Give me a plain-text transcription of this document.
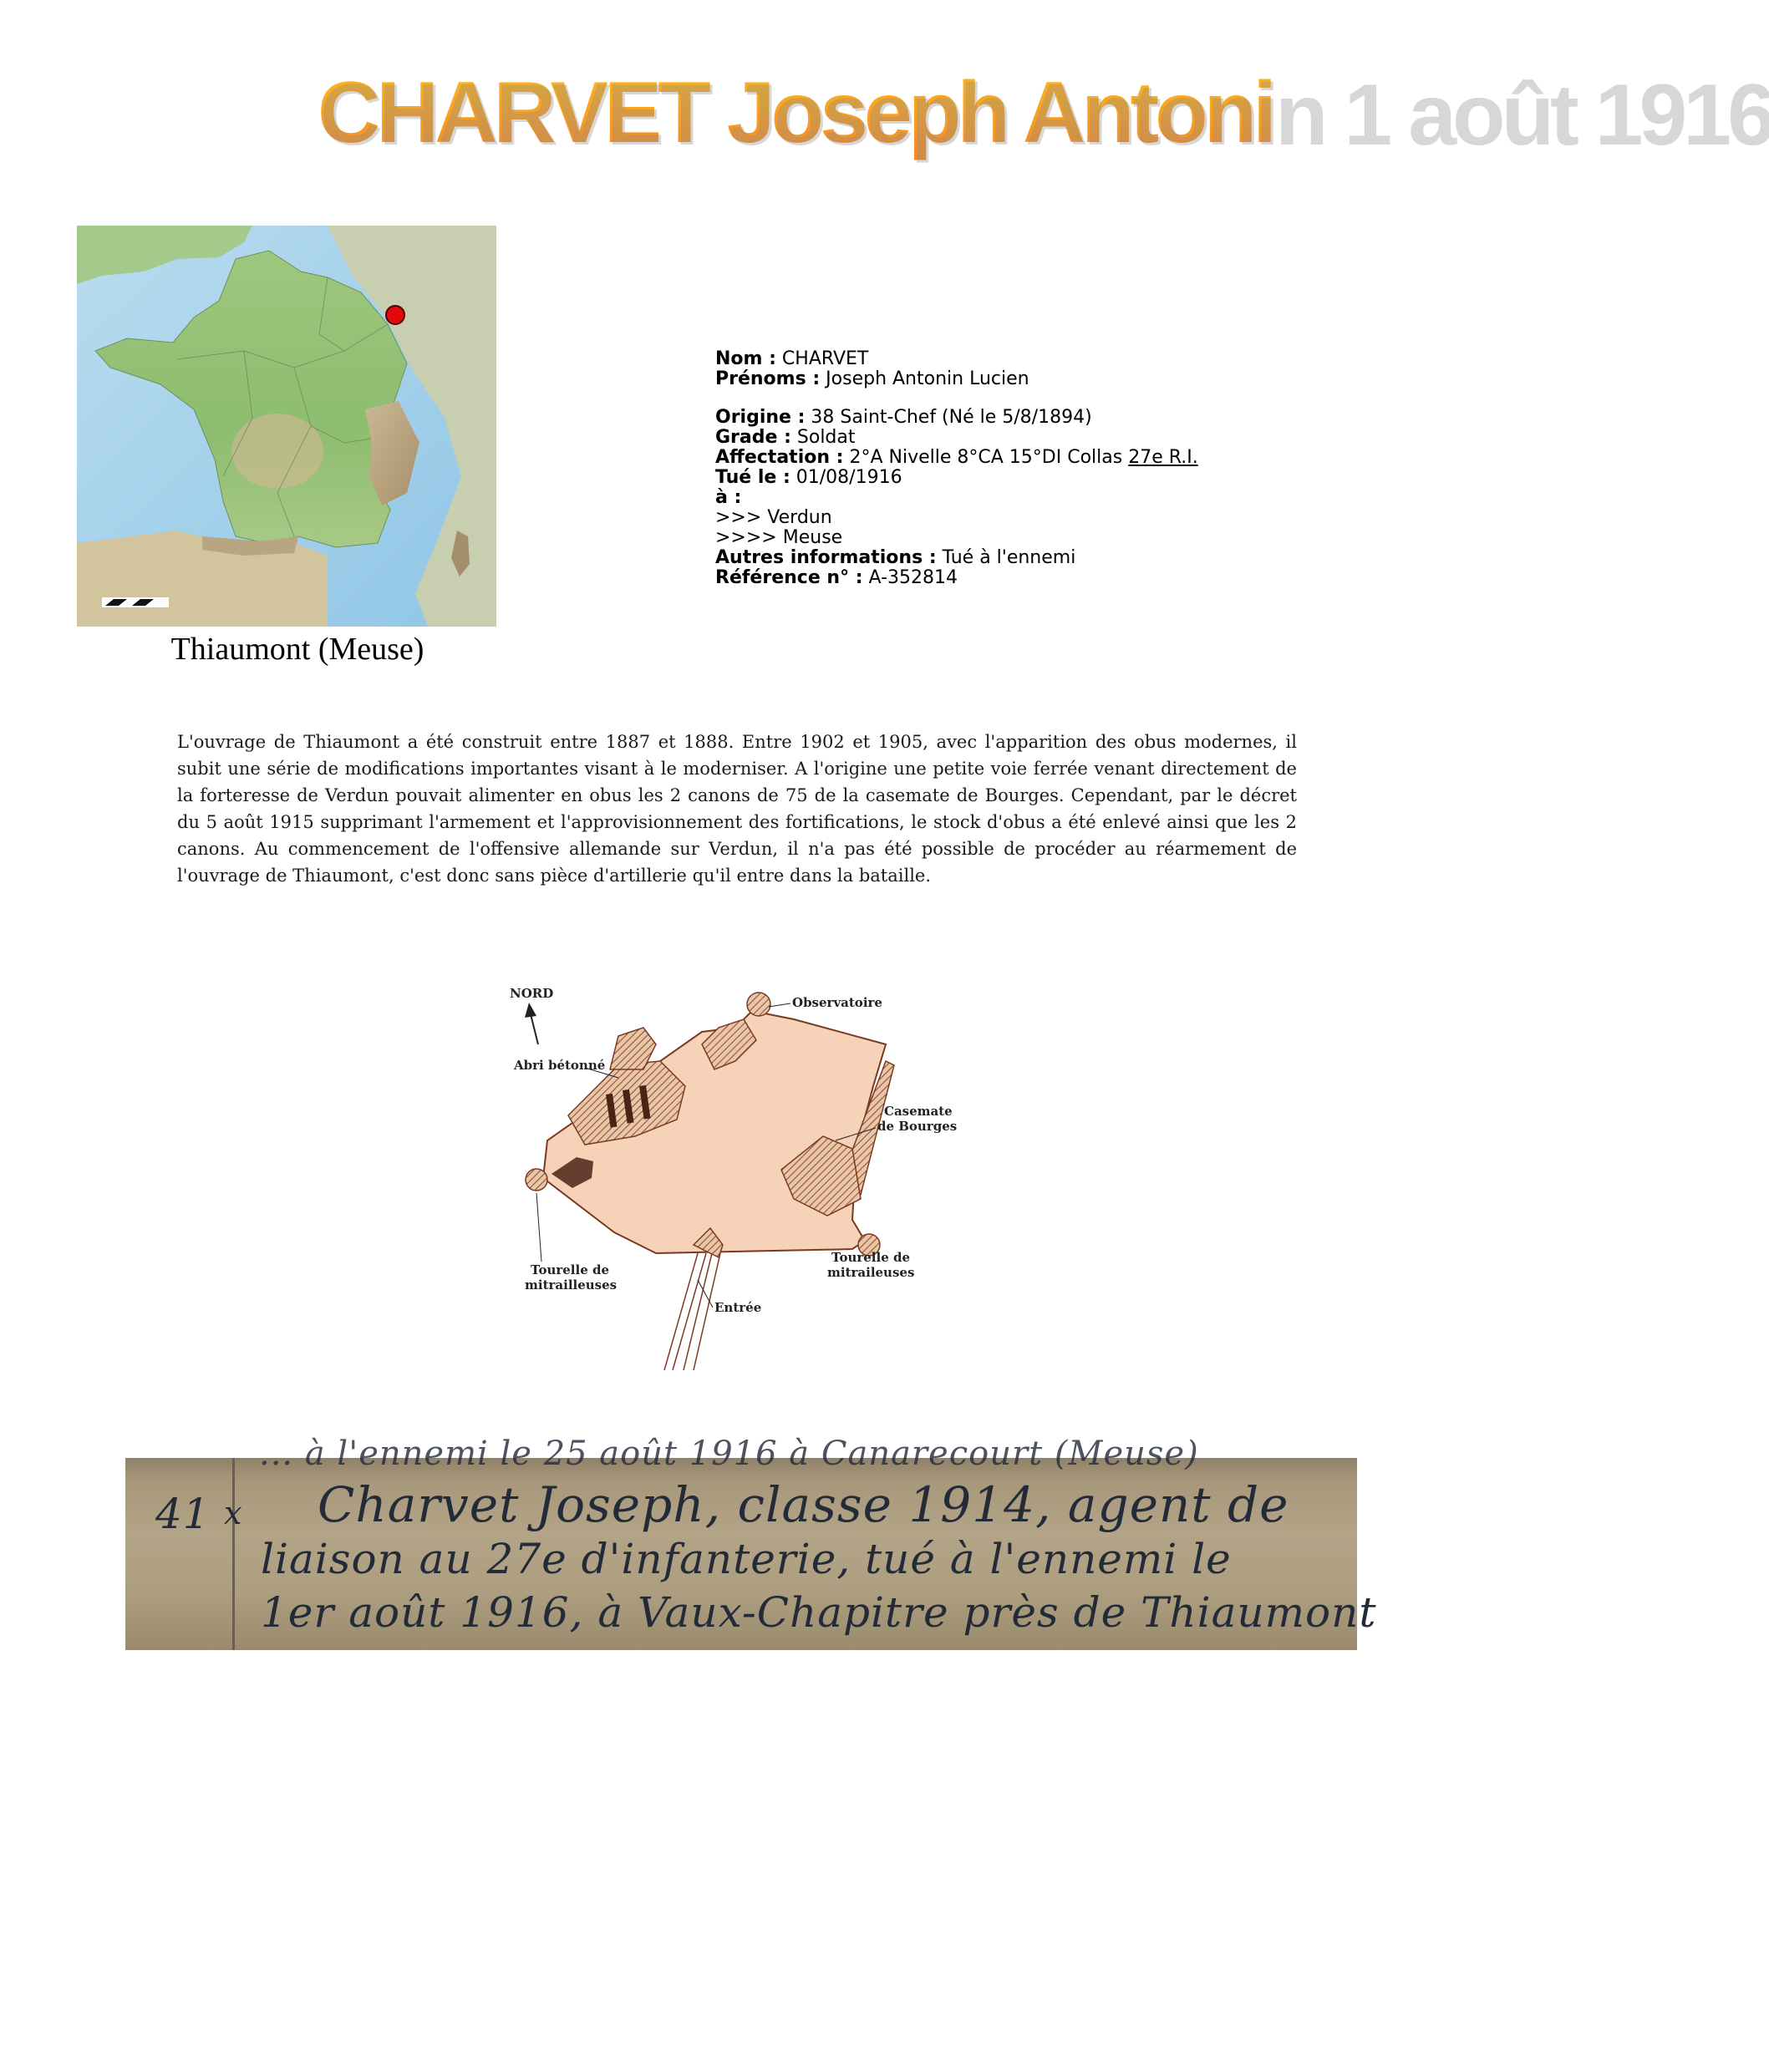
CHARVET Joseph Antonin 1 août 1916
Thiaumont (Meuse)
Nom : CHARVET
Prénoms : Joseph Antonin Lucien
Origine : 38 Saint-Chef (Né le 5/8/1894)
Grade : Soldat
Affectation : 2°A Nivelle 8°CA 15°DI Collas 27e R.I.
Tué le : 01/08/1916
à :
>>> Verdun
>>>> Meuse
Autres informations : Tué à l'ennemi
Référence n° : A-352814
L'ouvrage de Thiaumont a été construit entre 1887 et 1888. Entre 1902 et 1905, avec l'apparition des obus modernes, il subit une série de modifications importantes visant à le moderniser. A l'origine une petite voie ferrée venant directement de la forteresse de Verdun pouvait alimenter en obus les 2 canons de 75 de la casemate de Bourges. Cependant, par le décret du 5 août 1915 supprimant l'armement et l'approvisionnement des fortifications, le stock d'obus a été enlevé ainsi que les 2 canons. Au commencement de l'offensive allemande sur Verdun, il n'a pas été possible de procéder au réarmement de l'ouvrage de Thiaumont, c'est donc sans pièce d'artillerie qu'il entre dans la bataille.
NORD
Observatoire
Abri bétonné
Casemate
de Bourges
Tourelle de
mitrailleuses
Tourelle de
mitraileuses
Entrée
... à l'ennemi le 25 août 1916 à Canarecourt (Meuse)
41 x Charvet Joseph, classe 1914, agent de
liaison au 27e d'infanterie, tué à l'ennemi le
1er août 1916, à Vaux-Chapitre près de Thiaumont
